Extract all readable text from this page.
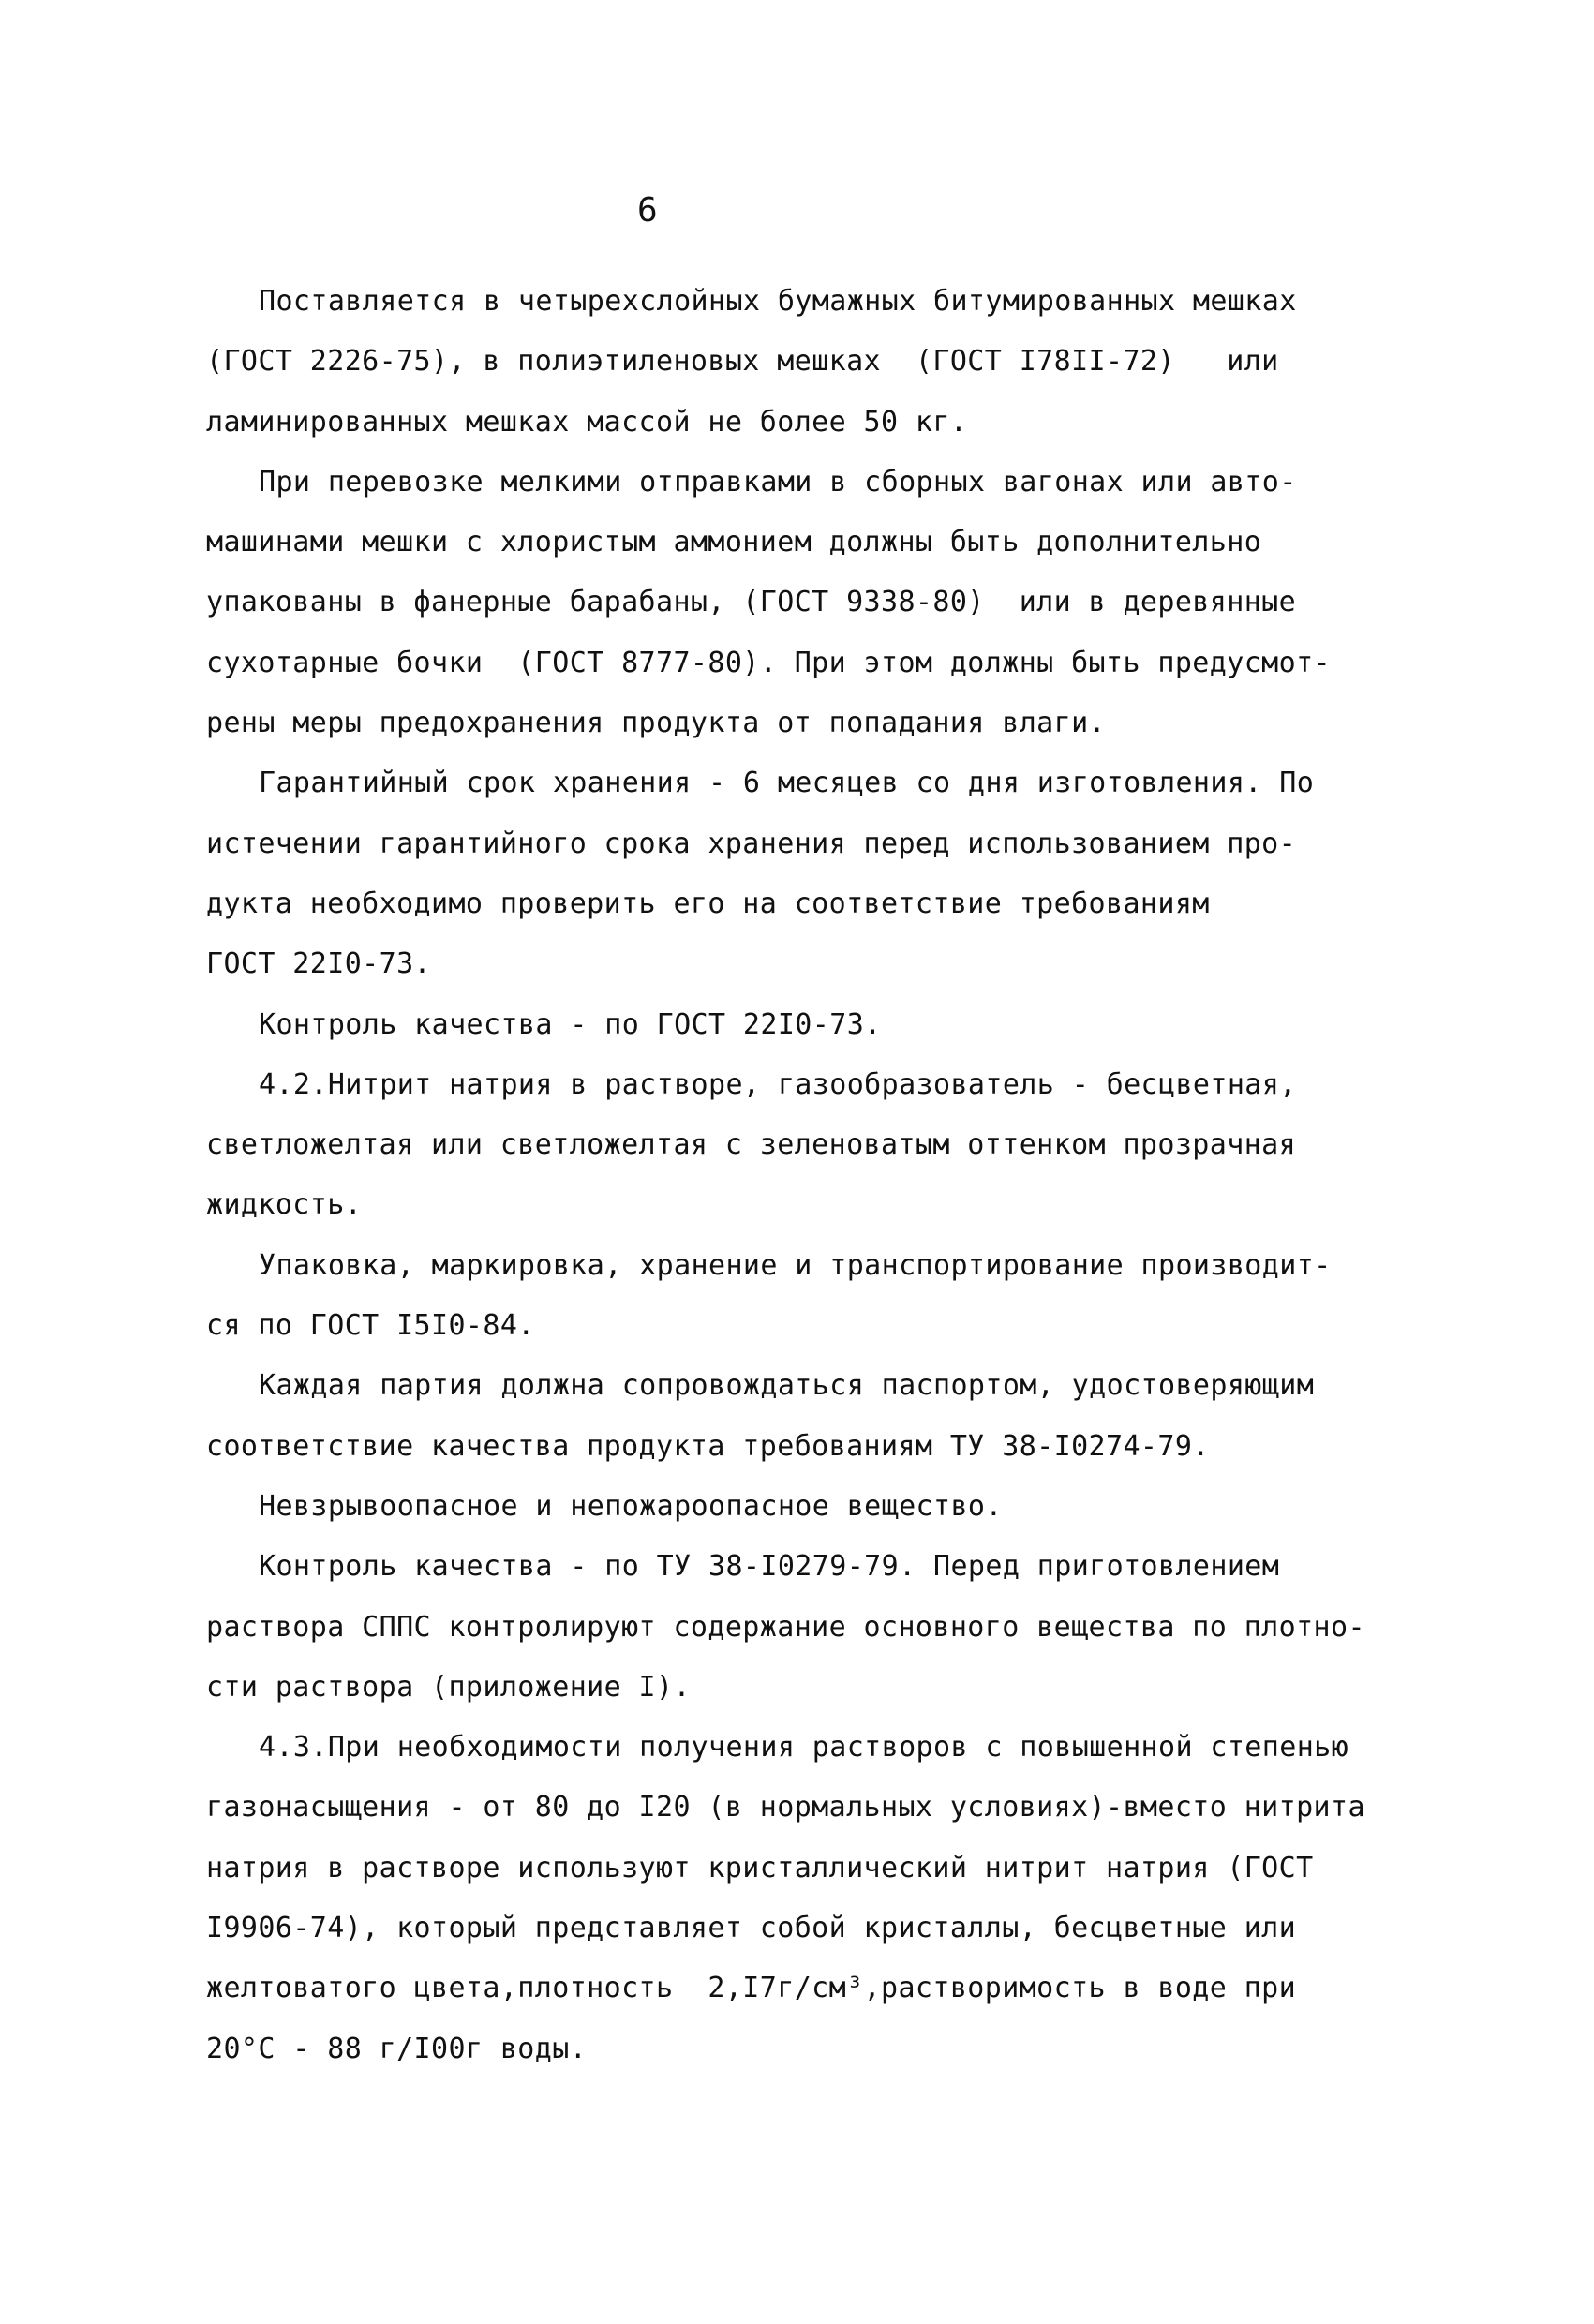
6
Поставляется в четырехслойных бумажных битумированных мешках
(ГОСТ 2226-75), в полиэтиленовых мешках  (ГОСТ I78II-72)   или
ламинированных мешках массой не более 50 кг.
При перевозке мелкими отправками в сборных вагонах или авто-
машинами мешки с хлористым аммонием должны быть дополнительно
упакованы в фанерные барабаны, (ГОСТ 9338-80)  или в деревянные
сухотарные бочки  (ГОСТ 8777-80). При этом должны быть предусмот-
рены меры предохранения продукта от попадания влаги.
Гарантийный срок хранения - 6 месяцев со дня изготовления. По
истечении гарантийного срока хранения перед использованием про-
дукта необходимо проверить его на соответствие требованиям
ГОСТ 22I0-73.
Контроль качества - по ГОСТ 22I0-73.
4.2.Нитрит натрия в растворе, газообразователь - бесцветная,
светложелтая или светложелтая с зеленоватым оттенком прозрачная
жидкость.
Упаковка, маркировка, хранение и транспортирование производит-
ся по ГОСТ I5I0-84.
Каждая партия должна сопровождаться паспортом, удостоверяющим
соответствие качества продукта требованиям ТУ 38-I0274-79.
Невзрывоопасное и непожароопасное вещество.
Контроль качества - по ТУ 38-I0279-79. Перед приготовлением
раствора СППС контролируют содержание основного вещества по плотно-
сти раствора (приложение I).
4.3.При необходимости получения растворов с повышенной степенью
газонасыщения - от 80 до I20 (в нормальных условиях)-вместо нитрита
натрия в растворе используют кристаллический нитрит натрия (ГОСТ
I9906-74), который представляет собой кристаллы, бесцветные или
желтоватого цвета,плотность  2,I7г/см³,растворимость в воде при
20°С - 88 г/I00г воды.
